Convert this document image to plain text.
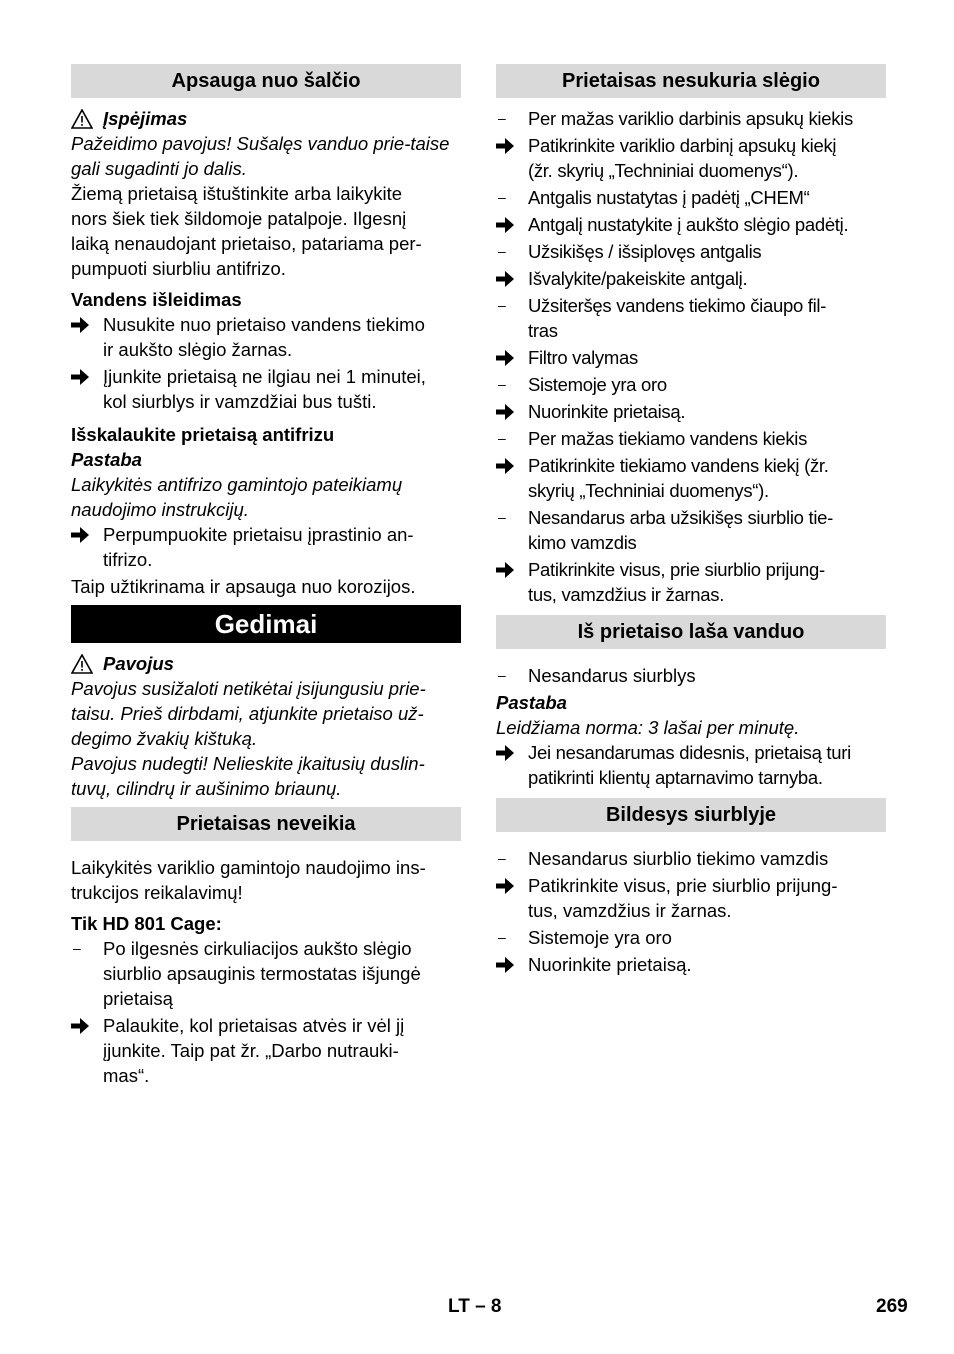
Apsauga nuo šalčio
Įspėjimas
Pažeidimo pavojus! Sušalęs vanduo prie-taise gali sugadinti jo dalis.
Žiemą prietaisą ištuštinkite arba laikykite
nors šiek tiek šildomoje patalpoje. Ilgesnį
laiką nenaudojant prietaiso, patariama per-
pumpuoti siurbliu antifrizo.
Vandens išleidimas
Nusukite nuo prietaiso vandens tiekimo
ir aukšto slėgio žarnas.
Įjunkite prietaisą ne ilgiau nei 1 minutei,
kol siurblys ir vamzdžiai bus tušti.
Išskalaukite prietaisą antifrizu
Pastaba
Laikykitės antifrizo gamintojo pateikiamų
naudojimo instrukcijų.
Perpumpuokite prietaisu įprastinio an-
tifrizo.
Taip užtikrinama ir apsauga nuo korozijos.
Gedimai
Pavojus
Pavojus susižaloti netikėtai įsijungusiu prie-
taisu. Prieš dirbdami, atjunkite prietaiso už-
degimo žvakių kištuką.
Pavojus nudegti! Nelieskite įkaitusių duslin-
tuvų, cilindrų ir aušinimo briaunų.
Prietaisas neveikia
Laikykitės variklio gamintojo naudojimo ins-
trukcijos reikalavimų!
Tik HD 801 Cage:
–	Po ilgesnės cirkuliacijos aukšto slėgio
siurblio apsauginis termostatas išjungė
prietaisą
Palaukite, kol prietaisas atvės ir vėl jį
įjunkite. Taip pat žr. „Darbo nutrauki-
mas“.
Prietaisas nesukuria slėgio
–	Per mažas variklio darbinis apsukų kiekis
Patikrinkite variklio darbinį apsukų kiekį
(žr. skyrių „Techniniai duomenys“).
–	Antgalis nustatytas į padėtį „CHEM“
Antgalį nustatykite į aukšto slėgio padėtį.
–	Užsikišęs / išsiplovęs antgalis
Išvalykite/pakeiskite antgalį.
–	Užsiteršęs vandens tiekimo čiaupo fil-
tras
Filtro valymas
–	Sistemoje yra oro
Nuorinkite prietaisą.
–	Per mažas tiekiamo vandens kiekis
Patikrinkite tiekiamo vandens kiekį (žr.
skyrių „Techniniai duomenys“).
–	Nesandarus arba užsikišęs siurblio tie-
kimo vamzdis
Patikrinkite visus, prie siurblio prijung-
tus, vamzdžius ir žarnas.
Iš prietaiso laša vanduo
–	Nesandarus siurblys
Pastaba
Leidžiama norma: 3 lašai per minutę.
Jei nesandarumas didesnis, prietaisą turi
patikrinti klientų aptarnavimo tarnyba.
Bildesys siurblyje
–	Nesandarus siurblio tiekimo vamzdis
Patikrinkite visus, prie siurblio prijung-
tus, vamzdžius ir žarnas.
–	Sistemoje yra oro
Nuorinkite prietaisą.
LT – 8	269
